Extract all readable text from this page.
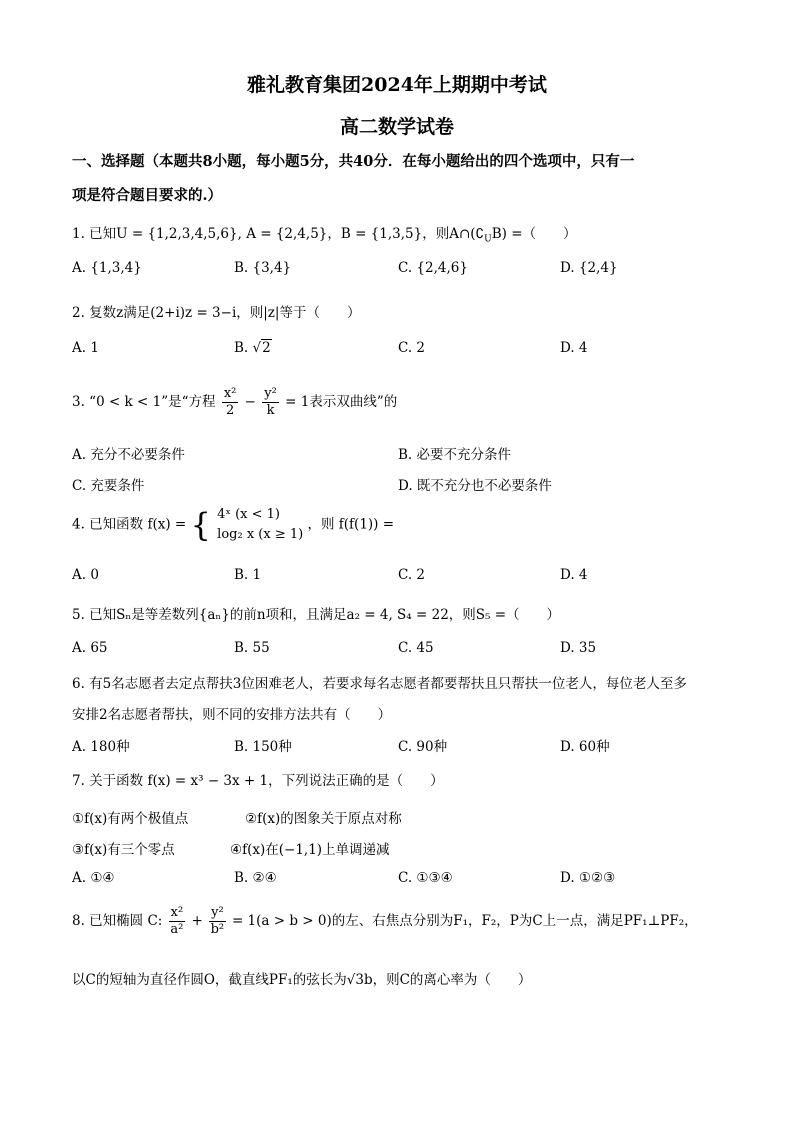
雅礼教育集团2024年上期期中考试
高二数学试卷
一、选择题（本题共8小题，每小题5分，共40分．在每小题给出的四个选项中，只有一
项是符合题目要求的.）
1. 已知U = {1,2,3,4,5,6}, A = {2,4,5}，B = {1,3,5}，则$A\cap(∁_UB)$ =（　　）
A. {1,3,4}	B. {3,4}	C. {2,4,6}	D. {2,4}
2. 复数z满足(2+i)z = 3−i，则|z|等于（　　）
A. 1	B. √2	C. 2	D. 4
3. “0 < k < 1”是“方程 $\frac{\text{x²}}{2} - \frac{\text{y²}}{k} = 1$表示双曲线”的
A. 充分不必要条件	B. 必要不充分条件
C. 充要条件	D. 既不充分也不必要条件
4. 已知函数 f(x) = { 4ˣ (x < 1)
log₂ x (x ≥ 1)
，则 f(f(1)) =
A. 0	B. 1	C. 2	D. 4
5. 已知Sₙ是等差数列{aₙ}的前n项和，且满足a₂ = 4, S₄ = 22，则S₅ =（　　）
A. 65	B. 55	C. 45	D. 35
6. 有5名志愿者去定点帮扶3位困难老人，若要求每名志愿者都要帮扶且只帮扶一位老人，每位老人至多
安排2名志愿者帮扶，则不同的安排方法共有（　　）
A. 180种	B. 150种	C. 90种	D. 60种
7. 关于函数 f(x) = x³ − 3x + 1，下列说法正确的是（　　）
①f(x)有两个极值点	②f(x)的图象关于原点对称
③f(x)有三个零点	④f(x)在(−1,1)上单调递减
A. ①④	B. ②④	C. ①③④	D. ①②③
8. 已知椭圆 C: $\frac{\text{x²}}{\text{a²}} + \frac{\text{y²}}{\text{b²}} = 1(a > b > 0)$的左、右焦点分别为F₁，F₂，P为C上一点，满足PF₁⊥PF₂，
以C的短轴为直径作圆O，截直线PF₁的弦长为√3b，则C的离心率为（　　）
